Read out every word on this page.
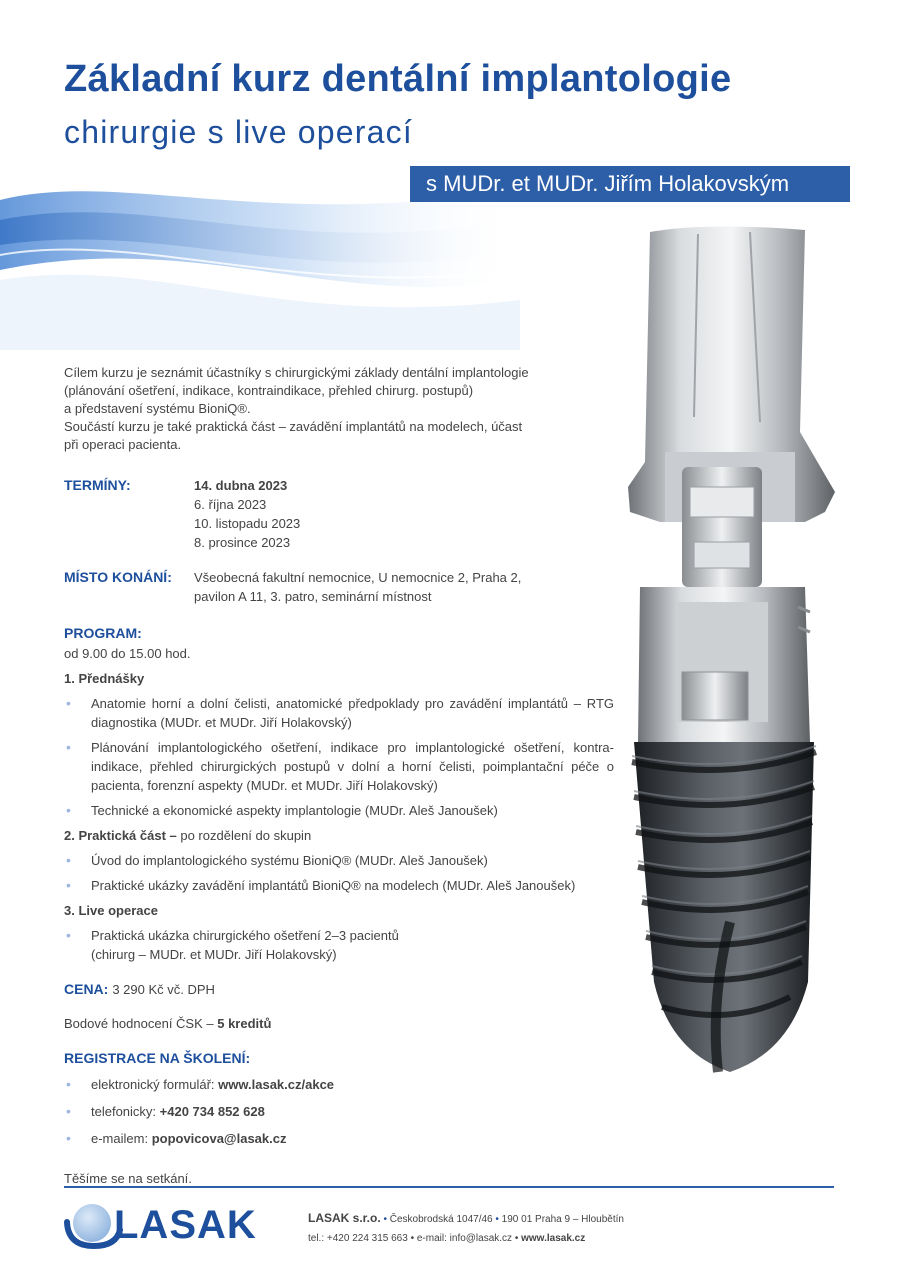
Základní kurz dentální implantologie
chirurgie s live operací
s MUDr. et MUDr. Jiřím Holakovským

Cílem kurzu je seznámit účastníky s chirurgickými základy dentální implantologie

(plánování ošetření, indikace, kontraindikace, přehled chirurg. postupů)

a představení systému BioniQ®.

Součástí kurzu je také praktická část – zavádění implantátů na modelech, účast

při operaci pacienta.

TERMÍNY:	14. dubna 2023
6. října 2023
10. listopadu 2023
8. prosince 2023
MÍSTO KONÁNÍ: Všeobecná fakultní nemocnice, U nemocnice 2, Praha 2,
pavilon A 11, 3. patro, seminární místnost
PROGRAM:
od 9.00 do 15.00 hod.
1. Přednášky
• Anatomie horní a dolní čelisti, anatomické předpoklady pro zavádění implantátů – RTG diagnostika (MUDr. et MUDr. Jiří Holakovský)
• Plánování implantologického ošetření, indikace pro implantologické ošetření, kontra-indikace, přehled chirurgických postupů v dolní a horní čelisti, poimplantační péče o pacienta, forenzní aspekty (MUDr. et MUDr. Jiří Holakovský)
• Technické a ekonomické aspekty implantologie (MUDr. Aleš Janoušek)
2. Praktická část – po rozdělení do skupin
• Úvod do implantologického systému BioniQ® (MUDr. Aleš Janoušek)
• Praktické ukázky zavádění implantátů BioniQ® na modelech (MUDr. Aleš Janoušek)
3. Live operace
• Praktická ukázka chirurgického ošetření 2–3 pacientů
(chirurg – MUDr. et MUDr. Jiří Holakovský)
CENA: 3 290 Kč vč. DPH
Bodové hodnocení ČSK – 5 kreditů
REGISTRACE NA ŠKOLENÍ:
• elektronický formulář: www.lasak.cz/akce
• telefonicky: +420 734 852 628
• e-mailem: popovicova@lasak.cz
Těšíme se na setkání.
LASAK	LASAK s.r.o. • Českobrodská 1047/46 • 190 01 Praha 9 – Hloubětín
tel.: +420 224 315 663 • e-mail: info@lasak.cz • www.lasak.cz
